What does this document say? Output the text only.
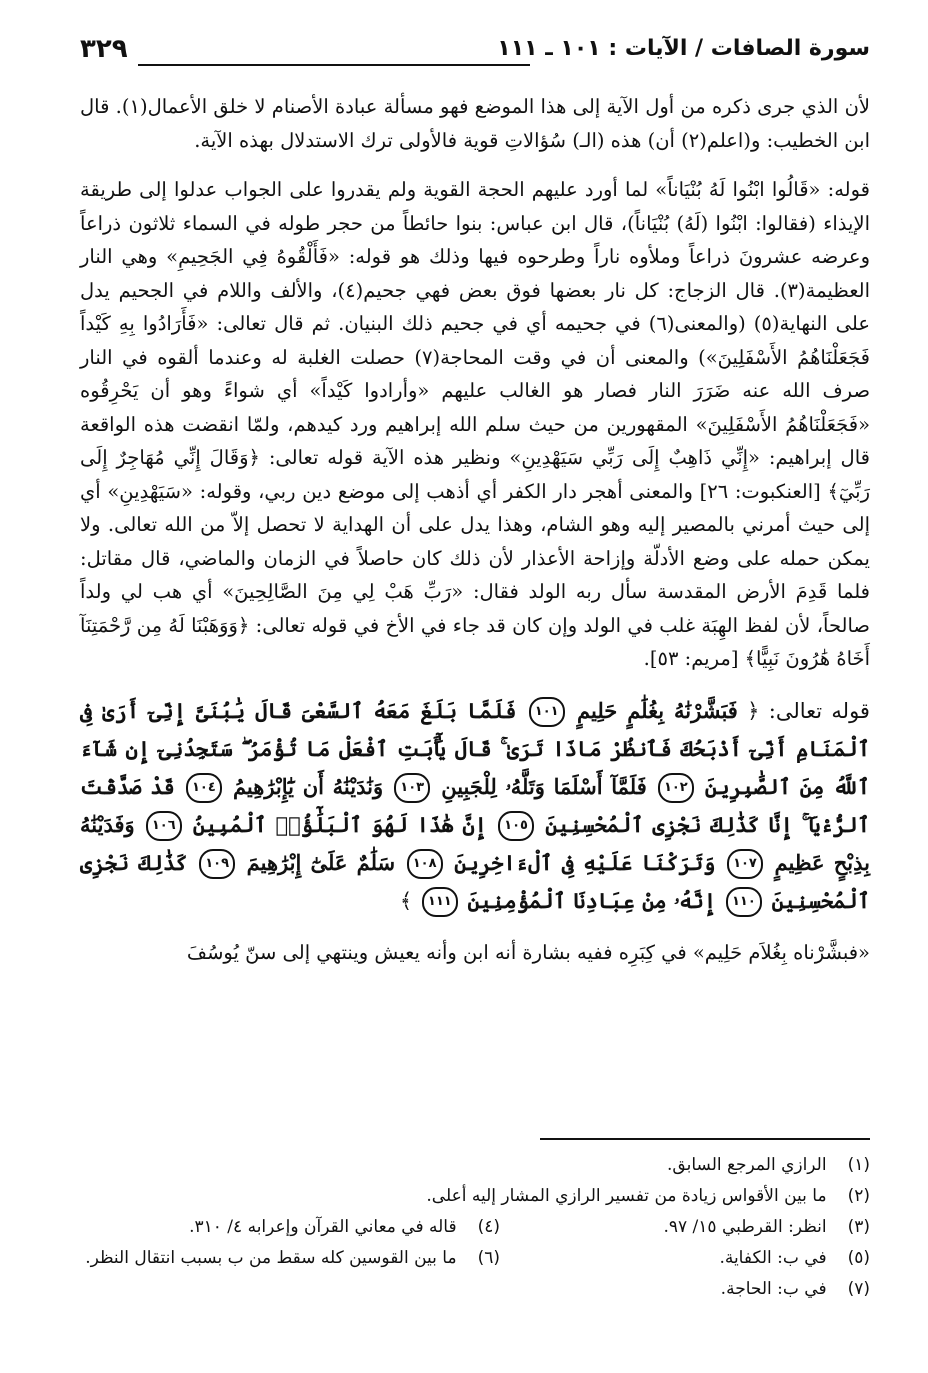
سورة الصافات / الآيات : ١٠١ ـ ١١١
٣٢٩

لأن الذي جرى ذكره من أول الآية إلى هذا الموضع فهو مسألة عبادة الأصنام لا خلق الأعمال(١). قال ابن الخطيب: و(اعلم(٢) أن) هذه (الـ) سُؤالاتِ قوية فالأولى ترك الاستدلال بهذه الآية.

قوله: «قَالُوا ابْنُوا لَهُ بُنْيَاناً» لما أورد عليهم الحجة القوية ولم يقدروا على الجواب عدلوا إلى طريقة الإيذاء (فقالوا: ابْنُوا (لَهُ) بُنْيَاناً)، قال ابن عباس: بنوا حائطاً من حجر طوله في السماء ثلاثون ذراعاً وعرضه عشرونَ ذراعاً وملأوه ناراً وطرحوه فيها وذلك هو قوله: «فَأَلْقُوهُ فِي الجَحِيمِ» وهي النار العظيمة(٣). قال الزجاج: كل نار بعضها فوق بعض فهي جحيم(٤)، والألف واللام في الجحيم يدل على النهاية(٥) (والمعنى(٦) في جحيمه أي في جحيم ذلك البنيان. ثم قال تعالى: «فَأَرَادُوا بِهِ كَيْداً فَجَعَلْنَاهُمُ الأَسْفَلِينَ») والمعنى أن في وقت المحاجة(٧) حصلت الغلبة له وعندما ألقوه في النار صرف الله عنه ضَرَرَ النار فصار هو الغالب عليهم «وأرادوا كَيْداً» أي شواءً وهو أن يَحْرِقُوه «فَجَعَلْنَاهُمُ الأَسْفَلِينَ» المقهورين من حيث سلم الله إبراهيم ورد كيدهم، ولمّا انقضت هذه الواقعة قال إبراهيم: «إِنِّي ذَاهِبٌ إِلَى رَبِّي سَيَهْدِينِ» ونظير هذه الآية قوله تعالى: ﴿وَقَالَ إِنِّي مُهَاجِرٌ إِلَى رَبِّيٓ﴾ [العنكبوت: ٢٦] والمعنى أهجر دار الكفر أي أذهب إلى موضع دين ربي، وقوله: «سَيَهْدِينِ» أي إلى حيث أمرني بالمصير إليه وهو الشام، وهذا يدل على أن الهداية لا تحصل إلاّ من الله تعالى. ولا يمكن حمله على وضع الأدلّة وإزاحة الأعذار لأن ذلك كان حاصلاً في الزمان والماضي، قال مقاتل: فلما قَدِمَ الأرض المقدسة سأل ربه الولد فقال: «رَبِّ هَبْ لِي مِنَ الصَّالِحِينَ» أي هب لي ولداً صالحاً، لأن لفظ الهِبَة غلب في الولد وإن كان قد جاء في الأخ في قوله تعالى: ﴿وَوَهَبْنَا لَهُ مِن رَّحْمَتِنَآ أَخَاهُ هَٰرُونَ نَبِيًّا﴾ [مريم: ٥٣].

قوله تعالى: ﴿ فَبَشَّرْنَٰهُ بِغُلَٰمٍ حَلِيمٍ ١٠١ فَلَمَّا بَلَغَ مَعَهُ ٱلسَّعْىَ قَالَ يَٰبُنَىَّ إِنِّىٓ أَرَىٰ فِى ٱلْمَنَامِ أَنِّىٓ أَذْبَحُكَ فَٱنظُرْ مَاذَا تَرَىٰ ۚ قَالَ يَٰٓأَبَتِ ٱفْعَلْ مَا تُؤْمَرُ ۖ سَتَجِدُنِىٓ إِن شَآءَ ٱللَّهُ مِنَ ٱلصَّٰبِرِينَ ١٠٢ فَلَمَّآ أَسْلَمَا وَتَلَّهُۥ لِلْجَبِينِ ١٠٣ وَنَٰدَيْنَٰهُ أَن يَٰٓإِبْرَٰهِيمُ ١٠٤ قَدْ صَدَّقْتَ ٱلرُّءْيَآ ۚ إِنَّا كَذَٰلِكَ نَجْزِى ٱلْمُحْسِنِينَ ١٠٥ إِنَّ هَٰذَا لَهُوَ ٱلْبَلَٰٓؤُا۟ ٱلْمُبِينُ ١٠٦ وَفَدَيْنَٰهُ بِذِبْحٍ عَظِيمٍ ١٠٧ وَتَرَكْنَا عَلَيْهِ فِى ٱلْءَاخِرِينَ ١٠٨ سَلَٰمٌ عَلَىٰٓ إِبْرَٰهِيمَ ١٠٩ كَذَٰلِكَ نَجْزِى ٱلْمُحْسِنِينَ ١١٠ إِنَّهُۥ مِنْ عِبَادِنَا ٱلْمُؤْمِنِينَ ١١١ ﴾

«فبشَّرْناه بِغُلاَم حَلِيم» في كِبَرِه ففيه بشارة أنه ابن وأنه يعيش وينتهي إلى سنّ يُوسُفَ

(١) الرازي المرجع السابق.
(٢) ما بين الأقواس زيادة من تفسير الرازي المشار إليه أعلى.
(٣) انظر: القرطبي ١٥/ ٩٧.
(٤) قاله في معاني القرآن وإعرابه ٤/ ٣١٠.
(٥) في ب: الكفاية.
(٦) ما بين القوسين كله سقط من ب بسبب انتقال النظر.
(٧) في ب: الحاجة.
